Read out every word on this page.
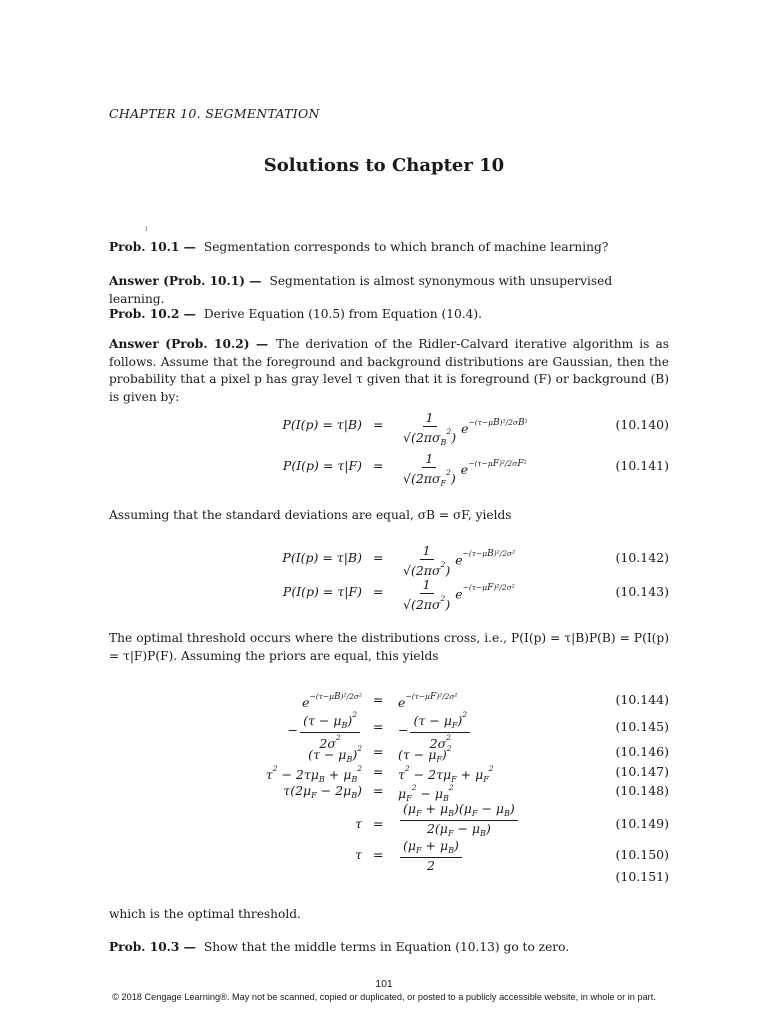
CHAPTER 10. SEGMENTATION
Solutions to Chapter 10
ı
Prob. 10.1 — Segmentation corresponds to which branch of machine learning?
Answer (Prob. 10.1) — Segmentation is almost synonymous with unsupervised learning.
Prob. 10.2 — Derive Equation (10.5) from Equation (10.4).
Answer (Prob. 10.2) — The derivation of the Ridler-Calvard iterative algorithm is as follows. Assume that the foreground and background distributions are Gaussian, then the probability that a pixel p has gray level τ given that it is foreground (F) or background (B) is given by:
$P(I(p) = \tau|B) = \frac{1}{√(2\pi\sigma_B^2)} e^{-(\tau-\mu B)^2/2\sigma B^2}$	(10.140)
$P(I(p) = \tau|F) = \frac{1}{√(2\pi\sigma_F^2)} e^{-(\tau-\mu F)^2/2\sigma F^2}$	(10.141)
Assuming that the standard deviations are equal, σB = σF, yields
$P(I(p) = \tau|B) = \frac{1}{√(2\pi\sigma^2)} e^{-(\tau-\mu B)^2/2\sigma^2}$	(10.142)
$P(I(p) = \tau|F) = \frac{1}{√(2\pi\sigma^2)} e^{-(\tau-\mu F)^2/2\sigma^2}$	(10.143)
The optimal threshold occurs where the distributions cross, i.e., P(I(p) = τ|B)P(B) = P(I(p) = τ|F)P(F). Assuming the priors are equal, this yields
$e^{-(\tau-\mu B)^2/2\sigma^2} = e^{-(\tau-\mu F)^2/2\sigma^2}$	(10.144)
− $\frac{(\tau - \mu_B)^2}{2\sigma^2}$ = − $\frac{(\tau - \mu_F)^2}{2\sigma^2}$	(10.145)
$(\tau - \mu_B)^2 = (\tau - \mu_F)^2$	(10.146)
$\tau^2 - 2\tau\mu_B + \mu_B^2 = \tau^2 - 2\tau\mu_F + \mu_F^2$	(10.147)
$\tau(2\mu_F - 2\mu_B) = \mu_F^2 - \mu_B^2$	(10.148)
$\tau = \frac{(\mu_F + \mu_B)(\mu_F - \mu_B)}{2(\mu_F - \mu_B)}$	(10.149)
$\tau = \frac{(\mu_F + \mu_B)}{2}$	(10.150)
(10.151)
which is the optimal threshold.
Prob. 10.3 — Show that the middle terms in Equation (10.13) go to zero.
101
© 2018 Cengage Learning®. May not be scanned, copied or duplicated, or posted to a publicly accessible website, in whole or in part.
